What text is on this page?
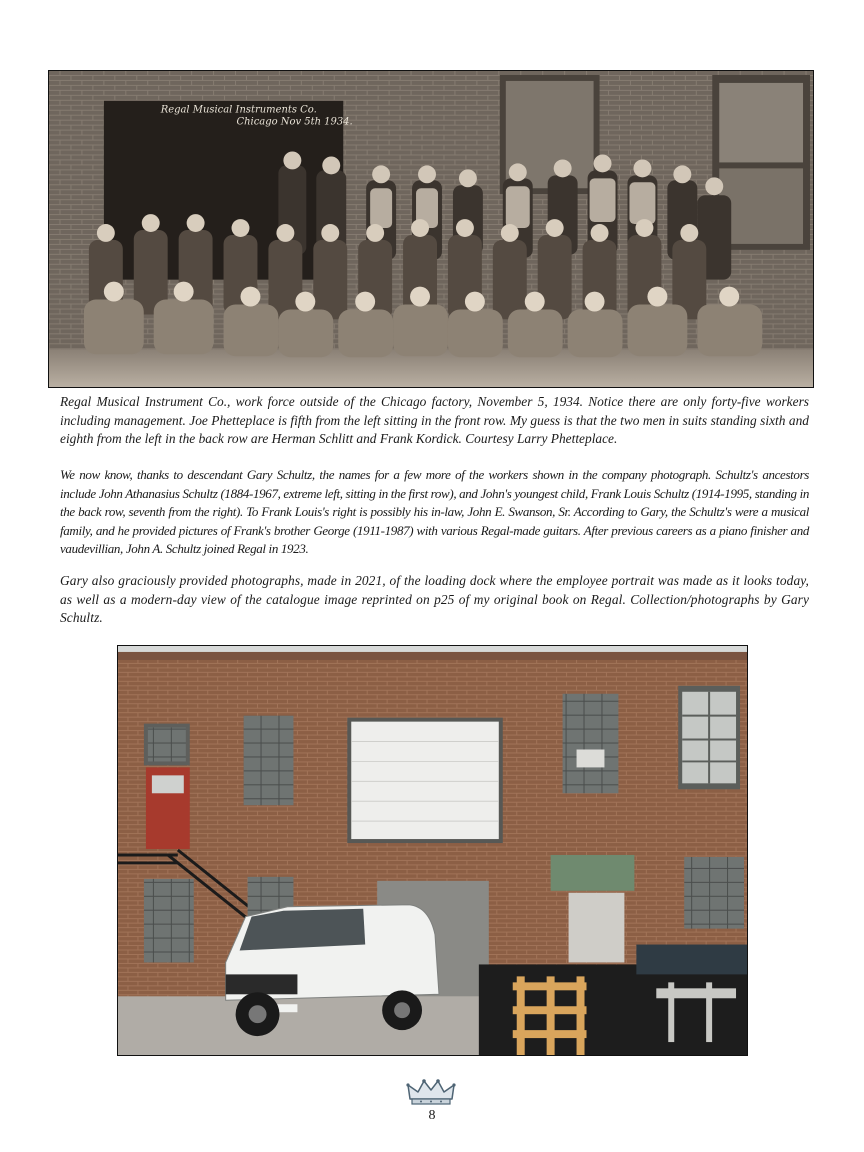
Regal Musical Instruments Co.
Chicago Nov 5th 1934.

Regal Musical Instrument Co., work force outside of the Chicago factory, November 5, 1934. Notice there are only forty-five workers including management. Joe Phetteplace is fifth from the left sitting in the front row. My guess is that the two men in suits standing sixth and eighth from the left in the back row are Herman Schlitt and Frank Kordick. Courtesy Larry Phetteplace.

We now know, thanks to descendant Gary Schultz, the names for a few more of the workers shown in the company photograph. Schultz's ancestors include John Athanasius Schultz (1884-1967, extreme left, sitting in the first row), and John's youngest child, Frank Louis Schultz (1914-1995, standing in the back row, seventh from the right). To Frank Louis's right is possibly his in-law, John E. Swanson, Sr. According to Gary, the Schultz's were a musical family, and he provided pictures of Frank's brother George (1911-1987) with various Regal-made guitars. After previous careers as a piano finisher and vaudevillian, John A. Schultz joined Regal in 1923.

Gary also graciously provided photographs, made in 2021, of the loading dock where the employee portrait was made as it looks today, as well as a modern-day view of the catalogue image reprinted on p25 of my original book on Regal. Collection/photographs by Gary Schultz.

8
